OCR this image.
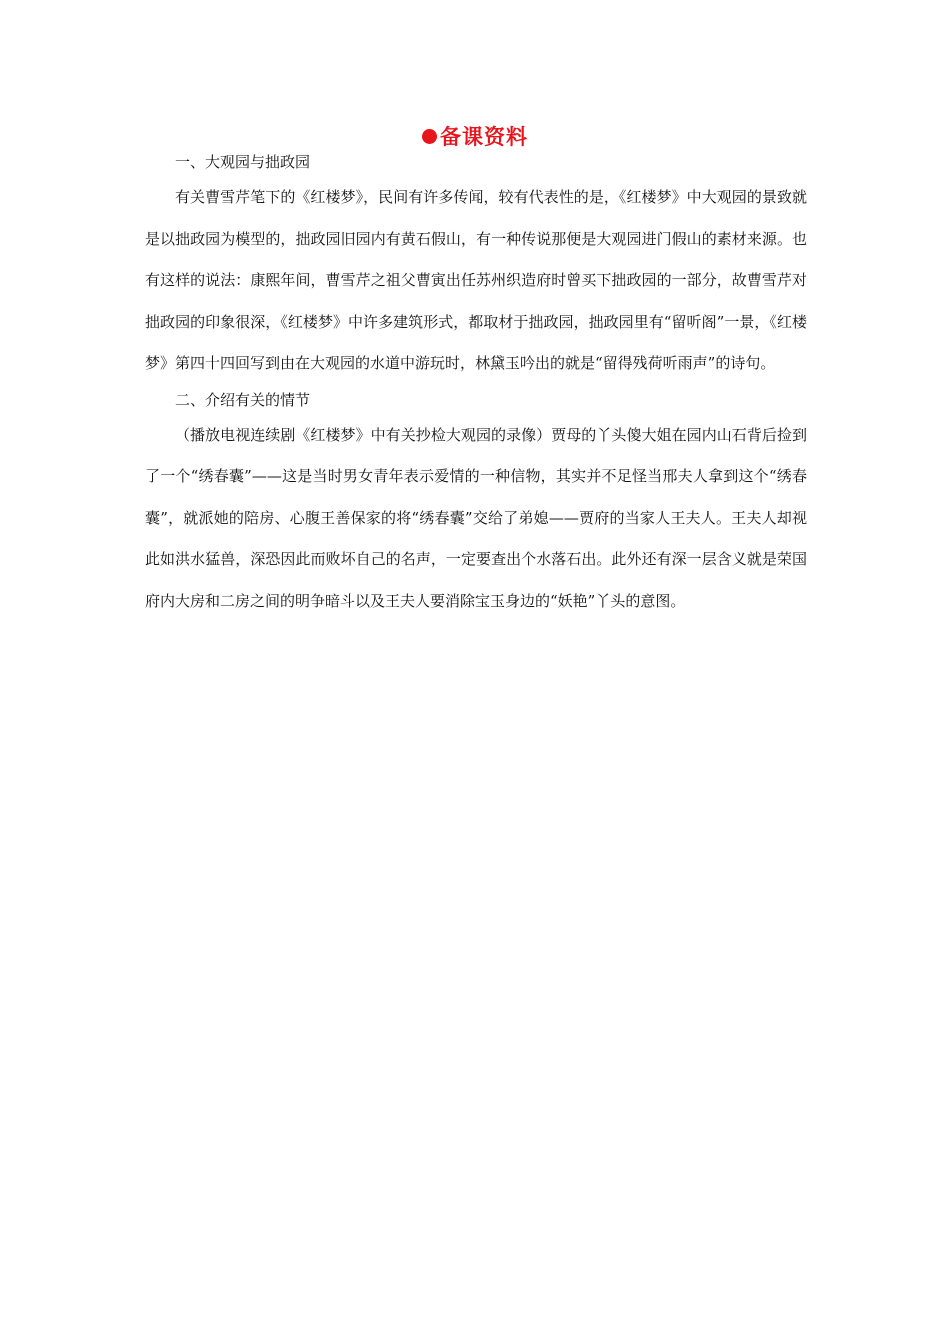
备课资料
一、大观园与拙政园

有关曹雪芹笔下的《红楼梦》，民间有许多传闻，较有代表性的是，《红楼梦》中大观园的景致就是以拙政园为模型的，拙政园旧园内有黄石假山，有一种传说那便是大观园进门假山的素材来源。也有这样的说法：康熙年间，曹雪芹之祖父曹寅出任苏州织造府时曾买下拙政园的一部分，故曹雪芹对拙政园的印象很深，《红楼梦》中许多建筑形式，都取材于拙政园，拙政园里有“留听阁”一景，《红楼梦》第四十四回写到由在大观园的水道中游玩时，林黛玉吟出的就是“留得残荷听雨声”的诗句。

二、介绍有关的情节

（播放电视连续剧《红楼梦》中有关抄检大观园的录像）贾母的丫头傻大姐在园内山石背后捡到了一个“绣春囊”——这是当时男女青年表示爱情的一种信物，其实并不足怪当邢夫人拿到这个“绣春囊”，就派她的陪房、心腹王善保家的将“绣春囊”交给了弟媳——贾府的当家人王夫人。王夫人却视此如洪水猛兽，深恐因此而败坏自己的名声，一定要查出个水落石出。此外还有深一层含义就是荣国府内大房和二房之间的明争暗斗以及王夫人要消除宝玉身边的“妖艳”丫头的意图。
